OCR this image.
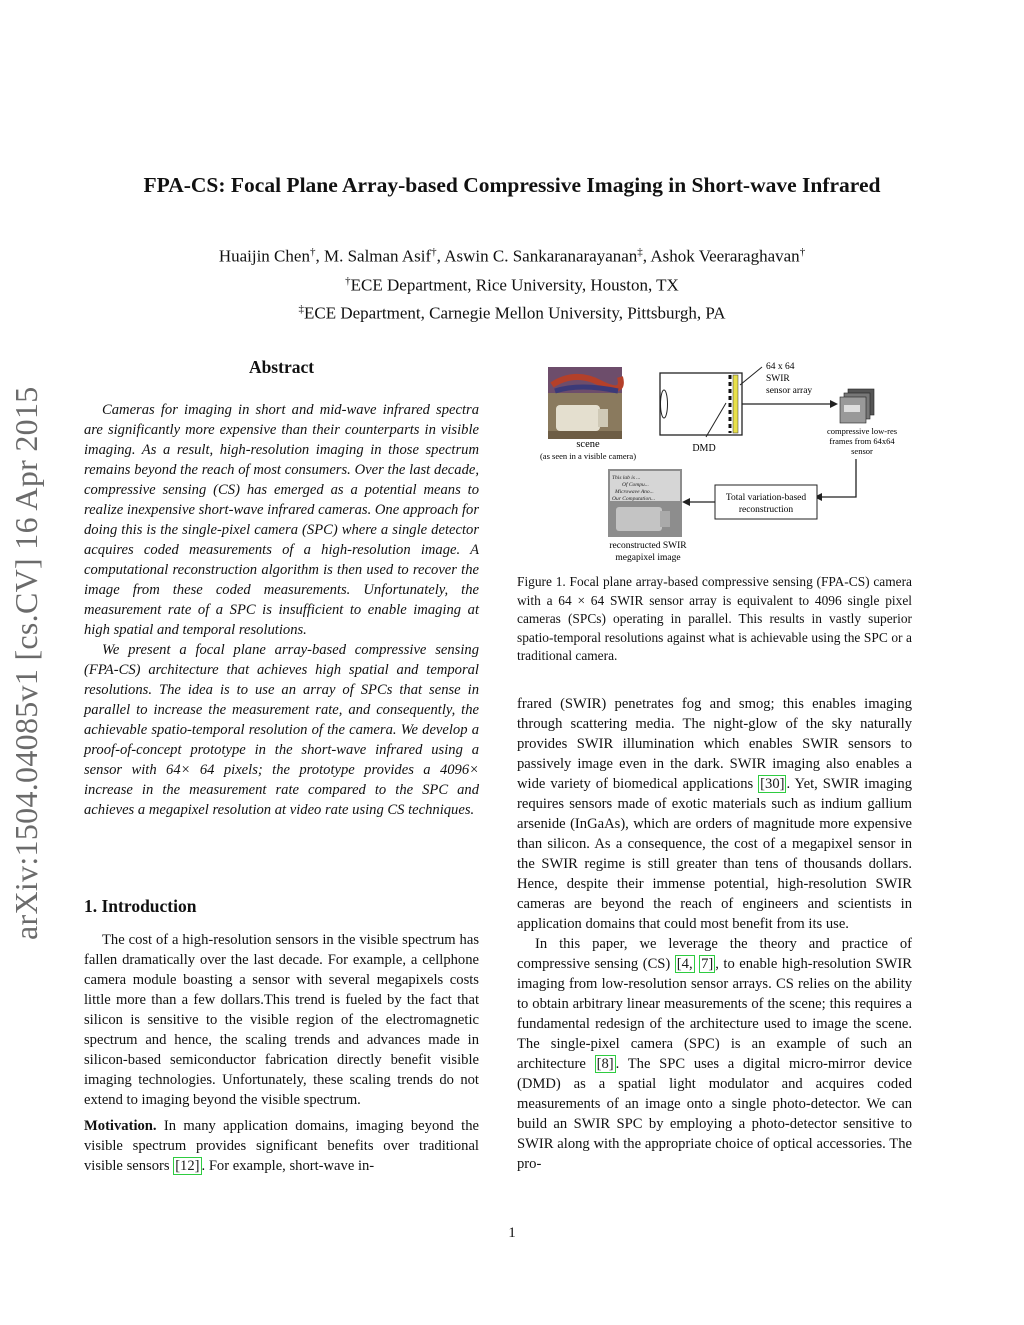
arXiv:1504.04085v1 [cs.CV] 16 Apr 2015
FPA-CS: Focal Plane Array-based Compressive Imaging in Short-wave Infrared
Huaijin Chen†, M. Salman Asif†, Aswin C. Sankaranarayanan‡, Ashok Veeraraghavan†
†ECE Department, Rice University, Houston, TX
‡ECE Department, Carnegie Mellon University, Pittsburgh, PA
Abstract

Cameras for imaging in short and mid-wave infrared spectra are significantly more expensive than their counterparts in visible imaging. As a result, high-resolution imaging in those spectrum remains beyond the reach of most consumers. Over the last decade, compressive sensing (CS) has emerged as a potential means to realize inexpensive short-wave infrared cameras. One approach for doing this is the single-pixel camera (SPC) where a single detector acquires coded measurements of a high-resolution image. A computational reconstruction algorithm is then used to recover the image from these coded measurements. Unfortunately, the measurement rate of a SPC is insufficient to enable imaging at high spatial and temporal resolutions.

We present a focal plane array-based compressive sensing (FPA-CS) architecture that achieves high spatial and temporal resolutions. The idea is to use an array of SPCs that sense in parallel to increase the measurement rate, and consequently, the achievable spatio-temporal resolution of the camera. We develop a proof-of-concept prototype in the short-wave infrared using a sensor with 64× 64 pixels; the prototype provides a 4096× increase in the measurement rate compared to the SPC and achieves a megapixel resolution at video rate using CS techniques.

1. Introduction

The cost of a high-resolution sensors in the visible spectrum has fallen dramatically over the last decade. For example, a cellphone camera module boasting a sensor with several megapixels costs little more than a few dollars.This trend is fueled by the fact that silicon is sensitive to the visible region of the electromagnetic spectrum and hence, the scaling trends and advances made in silicon-based semiconductor fabrication directly benefit visible imaging technologies. Unfortunately, these scaling trends do not extend to imaging beyond the visible spectrum.

Motivation. In many application domains, imaging beyond the visible spectrum provides significant benefits over traditional visible sensors [12] . For example, short-wave in-

scene
(as seen in a visible camera)
DMD
64 x 64
SWIR
sensor array
compressive low-res
frames from 64x64
sensor
Total variation-based
reconstruction
This lab is ...
Of Compu...
Microwave Ano...
Our Computation...
reconstructed SWIR
megapixel image
Figure 1. Focal plane array-based compressive sensing (FPA-CS) camera with a 64 × 64 SWIR sensor array is equivalent to 4096 single pixel cameras (SPCs) operating in parallel. This results in vastly superior spatio-temporal resolutions against what is achievable using the SPC or a traditional camera.

frared (SWIR) penetrates fog and smog; this enables imaging through scattering media. The night-glow of the sky naturally provides SWIR illumination which enables SWIR sensors to passively image even in the dark. SWIR imaging also enables a wide variety of biomedical applications [30] . Yet, SWIR imaging requires sensors made of exotic materials such as indium gallium arsenide (InGaAs), which are orders of magnitude more expensive than silicon. As a consequence, the cost of a megapixel sensor in the SWIR regime is still greater than tens of thousands dollars. Hence, despite their immense potential, high-resolution SWIR cameras are beyond the reach of engineers and scientists in application domains that could most benefit from its use.

In this paper, we leverage the theory and practice of compressive sensing (CS) [4, 7] , to enable high-resolution SWIR imaging from low-resolution sensor arrays. CS relies on the ability to obtain arbitrary linear measurements of the scene; this requires a fundamental redesign of the architecture used to image the scene. The single-pixel camera (SPC) is an example of such an architecture [8] . The SPC uses a digital micro-mirror device (DMD) as a spatial light modulator and acquires coded measurements of an image onto a single photo-detector. We can build an SWIR SPC by employing a photo-detector sensitive to SWIR along with the appropriate choice of optical accessories. The pro-

1
